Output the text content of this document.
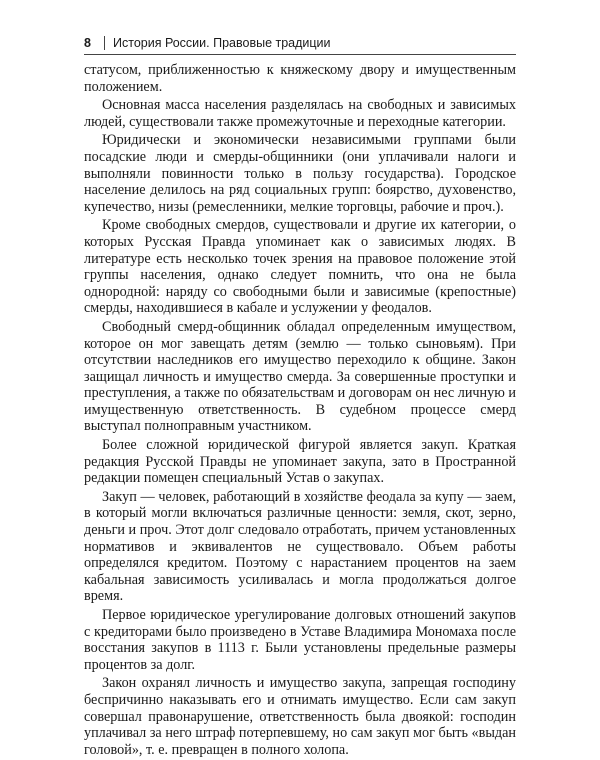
8 История России. Правовые традиции

статусом, приближенностью к княжескому двору и имущественным положением.

Основная масса населения разделялась на свободных и зависимых людей, существовали также промежуточные и переходные категории.

Юридически и экономически независимыми группами были посадские люди и смерды-общинники (они уплачивали налоги и выполняли повинности только в пользу государства). Городское население делилось на ряд социальных групп: боярство, духовенство, купечество, низы (ремесленники, мелкие торговцы, рабочие и проч.).

Кроме свободных смердов, существовали и другие их категории, о которых Русская Правда упоминает как о зависимых людях. В литературе есть несколько точек зрения на правовое положение этой группы населения, однако следует помнить, что она не была однородной: наряду со свободными были и зависимые (крепостные) смерды, находившиеся в кабале и услужении у феодалов.

Свободный смерд-общинник обладал определенным имуществом, которое он мог завещать детям (землю — только сыновьям). При отсутствии наследников его имущество переходило к общине. Закон защищал личность и имущество смерда. За совершенные проступки и преступления, а также по обязательствам и договорам он нес личную и имущественную ответственность. В судебном процессе смерд выступал полноправным участником.

Более сложной юридической фигурой является закуп. Краткая редакция Русской Правды не упоминает закупа, зато в Пространной редакции помещен специальный Устав о закупах.

Закуп — человек, работающий в хозяйстве феодала за купу — заем, в который могли включаться различные ценности: земля, скот, зерно, деньги и проч. Этот долг следовало отработать, причем установленных нормативов и эквивалентов не существовало. Объем работы определялся кредитом. Поэтому с нарастанием процентов на заем кабальная зависимость усиливалась и могла продолжаться долгое время.

Первое юридическое урегулирование долговых отношений закупов с кредиторами было произведено в Уставе Владимира Мономаха после восстания закупов в 1113 г. Были установлены предельные размеры процентов за долг.

Закон охранял личность и имущество закупа, запрещая господину беспричинно наказывать его и отнимать имущество. Если сам закуп совершал правонарушение, ответственность была двоякой: господин уплачивал за него штраф потерпевшему, но сам закуп мог быть «выдан головой», т. е. превращен в полного холопа.
